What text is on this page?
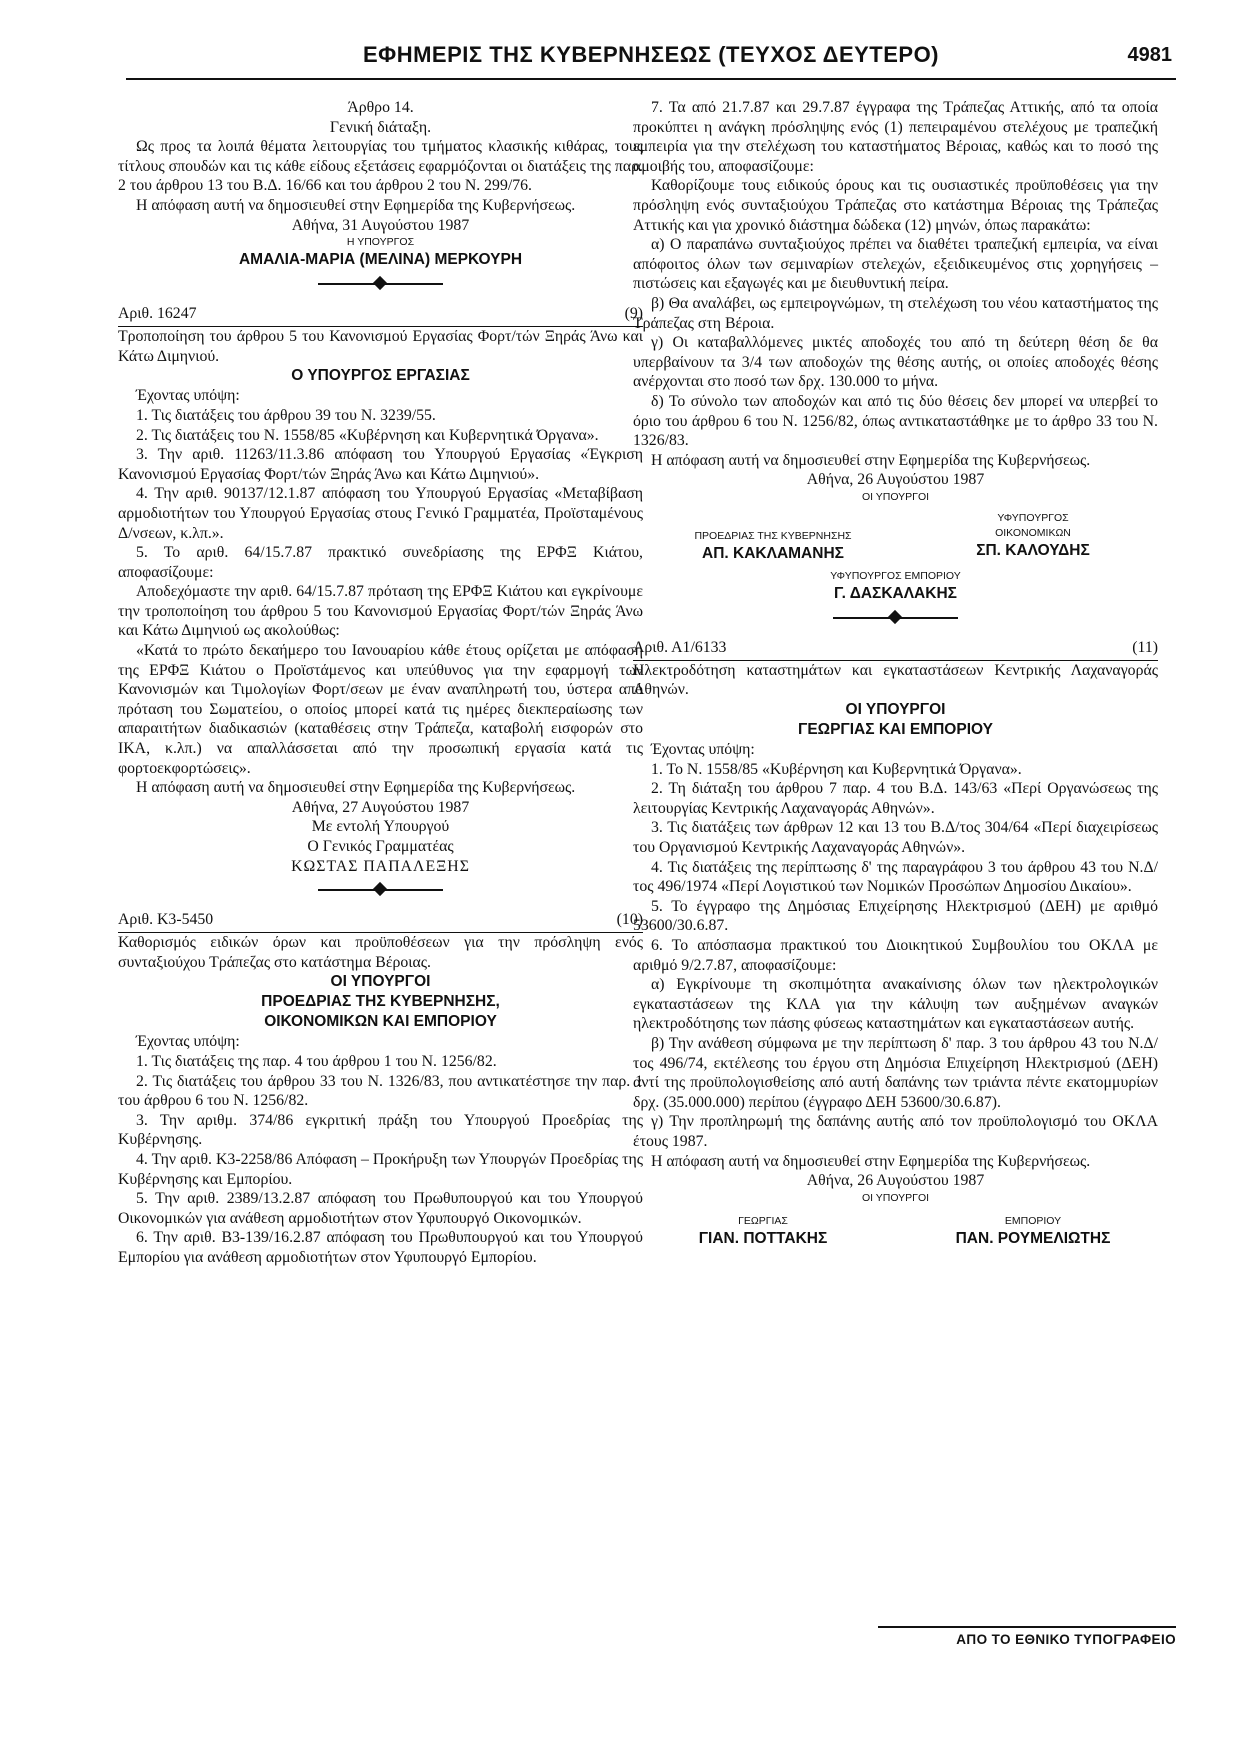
ΕΦΗΜΕΡΙΣ ΤΗΣ ΚΥΒΕΡΝΗΣΕΩΣ (ΤΕΥΧΟΣ ΔΕΥΤΕΡΟ)	4981

Άρθρο 14.

Γενική διάταξη.

Ως προς τα λοιπά θέματα λειτουργίας του τμήματος κλασικής κιθάρας, τους τίτλους σπουδών και τις κάθε είδους εξετάσεις εφαρμόζονται οι διατάξεις της παρ. 2 του άρθρου 13 του Β.Δ. 16/66 και του άρθρου 2 του Ν. 299/76.

Η απόφαση αυτή να δημοσιευθεί στην Εφημερίδα της Κυβερνήσεως.

Αθήνα, 31 Αυγούστου 1987

Η ΥΠΟΥΡΓΟΣ

ΑΜΑΛΙΑ-ΜΑΡΙΑ (ΜΕΛΙΝΑ) ΜΕΡΚΟΥΡΗ

Αριθ. 16247	(9)

Τροποποίηση του άρθρου 5 του Κανονισμού Εργασίας Φορτ/τών Ξηράς Άνω και Κάτω Διμηνιού.

Ο ΥΠΟΥΡΓΟΣ ΕΡΓΑΣΙΑΣ

Έχοντας υπόψη:

1. Τις διατάξεις του άρθρου 39 του Ν. 3239/55.

2. Τις διατάξεις του Ν. 1558/85 «Κυβέρνηση και Κυβερνητικά Όργανα».

3. Την αριθ. 11263/11.3.86 απόφαση του Υπουργού Εργασίας «Έγκριση Κανονισμού Εργασίας Φορτ/τών Ξηράς Άνω και Κάτω Διμηνιού».

4. Την αριθ. 90137/12.1.87 απόφαση του Υπουργού Εργασίας «Μεταβίβαση αρμοδιοτήτων του Υπουργού Εργασίας στους Γενικό Γραμματέα, Προϊσταμένους Δ/νσεων, κ.λπ.».

5. Το αριθ. 64/15.7.87 πρακτικό συνεδρίασης της ΕΡΦΞ Κιάτου, αποφασίζουμε:

Αποδεχόμαστε την αριθ. 64/15.7.87 πρόταση της ΕΡΦΞ Κιάτου και εγκρίνουμε την τροποποίηση του άρθρου 5 του Κανονισμού Εργασίας Φορτ/τών Ξηράς Άνω και Κάτω Διμηνιού ως ακολούθως:

«Κατά το πρώτο δεκαήμερο του Ιανουαρίου κάθε έτους ορίζεται με απόφαση της ΕΡΦΞ Κιάτου ο Προϊστάμενος και υπεύθυνος για την εφαρμογή των Κανονισμών και Τιμολογίων Φορτ/σεων με έναν αναπληρωτή του, ύστερα από πρόταση του Σωματείου, ο οποίος μπορεί κατά τις ημέρες διεκπεραίωσης των απαραιτήτων διαδικασιών (καταθέσεις στην Τράπεζα, καταβολή εισφορών στο ΙΚΑ, κ.λπ.) να απαλλάσσεται από την προσωπική εργασία κατά τις φορτοεκφορτώσεις».

Η απόφαση αυτή να δημοσιευθεί στην Εφημερίδα της Κυβερνήσεως.

Αθήνα, 27 Αυγούστου 1987

Με εντολή Υπουργού

Ο Γενικός Γραμματέας

ΚΩΣΤΑΣ ΠΑΠΑΛΕΞΗΣ

Αριθ. Κ3-5450	(10)

Καθορισμός ειδικών όρων και προϋποθέσεων για την πρόσληψη ενός συνταξιούχου Τράπεζας στο κατάστημα Βέροιας.

ΟΙ ΥΠΟΥΡΓΟΙ

ΠΡΟΕΔΡΙΑΣ ΤΗΣ ΚΥΒΕΡΝΗΣΗΣ,

ΟΙΚΟΝΟΜΙΚΩΝ ΚΑΙ ΕΜΠΟΡΙΟΥ

Έχοντας υπόψη:

1. Τις διατάξεις της παρ. 4 του άρθρου 1 του Ν. 1256/82.

2. Τις διατάξεις του άρθρου 33 του Ν. 1326/83, που αντικατέστησε την παρ. 1 του άρθρου 6 του Ν. 1256/82.

3. Την αριθμ. 374/86 εγκριτική πράξη του Υπουργού Προεδρίας της Κυβέρνησης.

4. Την αριθ. Κ3-2258/86 Απόφαση – Προκήρυξη των Υπουργών Προεδρίας της Κυβέρνησης και Εμπορίου.

5. Την αριθ. 2389/13.2.87 απόφαση του Πρωθυπουργού και του Υπουργού Οικονομικών για ανάθεση αρμοδιοτήτων στον Υφυπουργό Οικονομικών.

6. Την αριθ. Β3-139/16.2.87 απόφαση του Πρωθυπουργού και του Υπουργού Εμπορίου για ανάθεση αρμοδιοτήτων στον Υφυπουργό Εμπορίου.

7. Τα από 21.7.87 και 29.7.87 έγγραφα της Τράπεζας Αττικής, από τα οποία προκύπτει η ανάγκη πρόσληψης ενός (1) πεπειραμένου στελέχους με τραπεζική εμπειρία για την στελέχωση του καταστήματος Βέροιας, καθώς και το ποσό της αμοιβής του, αποφασίζουμε:

Καθορίζουμε τους ειδικούς όρους και τις ουσιαστικές προϋποθέσεις για την πρόσληψη ενός συνταξιούχου Τράπεζας στο κατάστημα Βέροιας της Τράπεζας Αττικής και για χρονικό διάστημα δώδεκα (12) μηνών, όπως παρακάτω:

α) Ο παραπάνω συνταξιούχος πρέπει να διαθέτει τραπεζική εμπειρία, να είναι απόφοιτος όλων των σεμιναρίων στελεχών, εξειδικευμένος στις χορηγήσεις – πιστώσεις και εξαγωγές και με διευθυντική πείρα.

β) Θα αναλάβει, ως εμπειρογνώμων, τη στελέχωση του νέου καταστήματος της Τράπεζας στη Βέροια.

γ) Οι καταβαλλόμενες μικτές αποδοχές του από τη δεύτερη θέση δε θα υπερβαίνουν τα 3/4 των αποδοχών της θέσης αυτής, οι οποίες αποδοχές θέσης ανέρχονται στο ποσό των δρχ. 130.000 το μήνα.

δ) Το σύνολο των αποδοχών και από τις δύο θέσεις δεν μπορεί να υπερβεί το όριο του άρθρου 6 του Ν. 1256/82, όπως αντικαταστάθηκε με το άρθρο 33 του Ν. 1326/83.

Η απόφαση αυτή να δημοσιευθεί στην Εφημερίδα της Κυβερνήσεως.

Αθήνα, 26 Αυγούστου 1987

ΟΙ ΥΠΟΥΡΓΟΙ

ΠΡΟΕΔΡΙΑΣ ΤΗΣ ΚΥΒΕΡΝΗΣΗΣ

ΑΠ. ΚΑΚΛΑΜΑΝΗΣ

ΥΦΥΠΟΥΡΓΟΣ

ΟΙΚΟΝΟΜΙΚΩΝ

ΣΠ. ΚΑΛΟΥΔΗΣ

ΥΦΥΠΟΥΡΓΟΣ ΕΜΠΟΡΙΟΥ

Γ. ΔΑΣΚΑΛΑΚΗΣ

Αριθ. Α1/6133	(11)

Ηλεκτροδότηση καταστημάτων και εγκαταστάσεων Κεντρικής Λαχαναγοράς Αθηνών.

ΟΙ ΥΠΟΥΡΓΟΙ

ΓΕΩΡΓΙΑΣ ΚΑΙ ΕΜΠΟΡΙΟΥ

Έχοντας υπόψη:

1. Το Ν. 1558/85 «Κυβέρνηση και Κυβερνητικά Όργανα».

2. Τη διάταξη του άρθρου 7 παρ. 4 του Β.Δ. 143/63 «Περί Οργανώσεως της λειτουργίας Κεντρικής Λαχαναγοράς Αθηνών».

3. Τις διατάξεις των άρθρων 12 και 13 του Β.Δ/τος 304/64 «Περί διαχειρίσεως του Οργανισμού Κεντρικής Λαχαναγοράς Αθηνών».

4. Τις διατάξεις της περίπτωσης δ' της παραγράφου 3 του άρθρου 43 του Ν.Δ/τος 496/1974 «Περί Λογιστικού των Νομικών Προσώπων Δημοσίου Δικαίου».

5. Το έγγραφο της Δημόσιας Επιχείρησης Ηλεκτρισμού (ΔΕΗ) με αριθμό 53600/30.6.87.

6. Το απόσπασμα πρακτικού του Διοικητικού Συμβουλίου του ΟΚΛΑ με αριθμό 9/2.7.87, αποφασίζουμε:

α) Εγκρίνουμε τη σκοπιμότητα ανακαίνισης όλων των ηλεκτρολογικών εγκαταστάσεων της ΚΛΑ για την κάλυψη των αυξημένων αναγκών ηλεκτροδότησης των πάσης φύσεως καταστημάτων και εγκαταστάσεων αυτής.

β) Την ανάθεση σύμφωνα με την περίπτωση δ' παρ. 3 του άρθρου 43 του Ν.Δ/τος 496/74, εκτέλεσης του έργου στη Δημόσια Επιχείρηση Ηλεκτρισμού (ΔΕΗ) αντί της προϋπολογισθείσης από αυτή δαπάνης των τριάντα πέντε εκατομμυρίων δρχ. (35.000.000) περίπου (έγγραφο ΔΕΗ 53600/30.6.87).

γ) Την προπληρωμή της δαπάνης αυτής από τον προϋπολογισμό του ΟΚΛΑ έτους 1987.

Η απόφαση αυτή να δημοσιευθεί στην Εφημερίδα της Κυβερνήσεως.

Αθήνα, 26 Αυγούστου 1987

ΟΙ ΥΠΟΥΡΓΟΙ

ΓΕΩΡΓΙΑΣ

ΓΙΑΝ. ΠΟΤΤΑΚΗΣ

ΕΜΠΟΡΙΟΥ

ΠΑΝ. ΡΟΥΜΕΛΙΩΤΗΣ

ΑΠΟ ΤΟ ΕΘΝΙΚΟ ΤΥΠΟΓΡΑΦΕΙΟ
